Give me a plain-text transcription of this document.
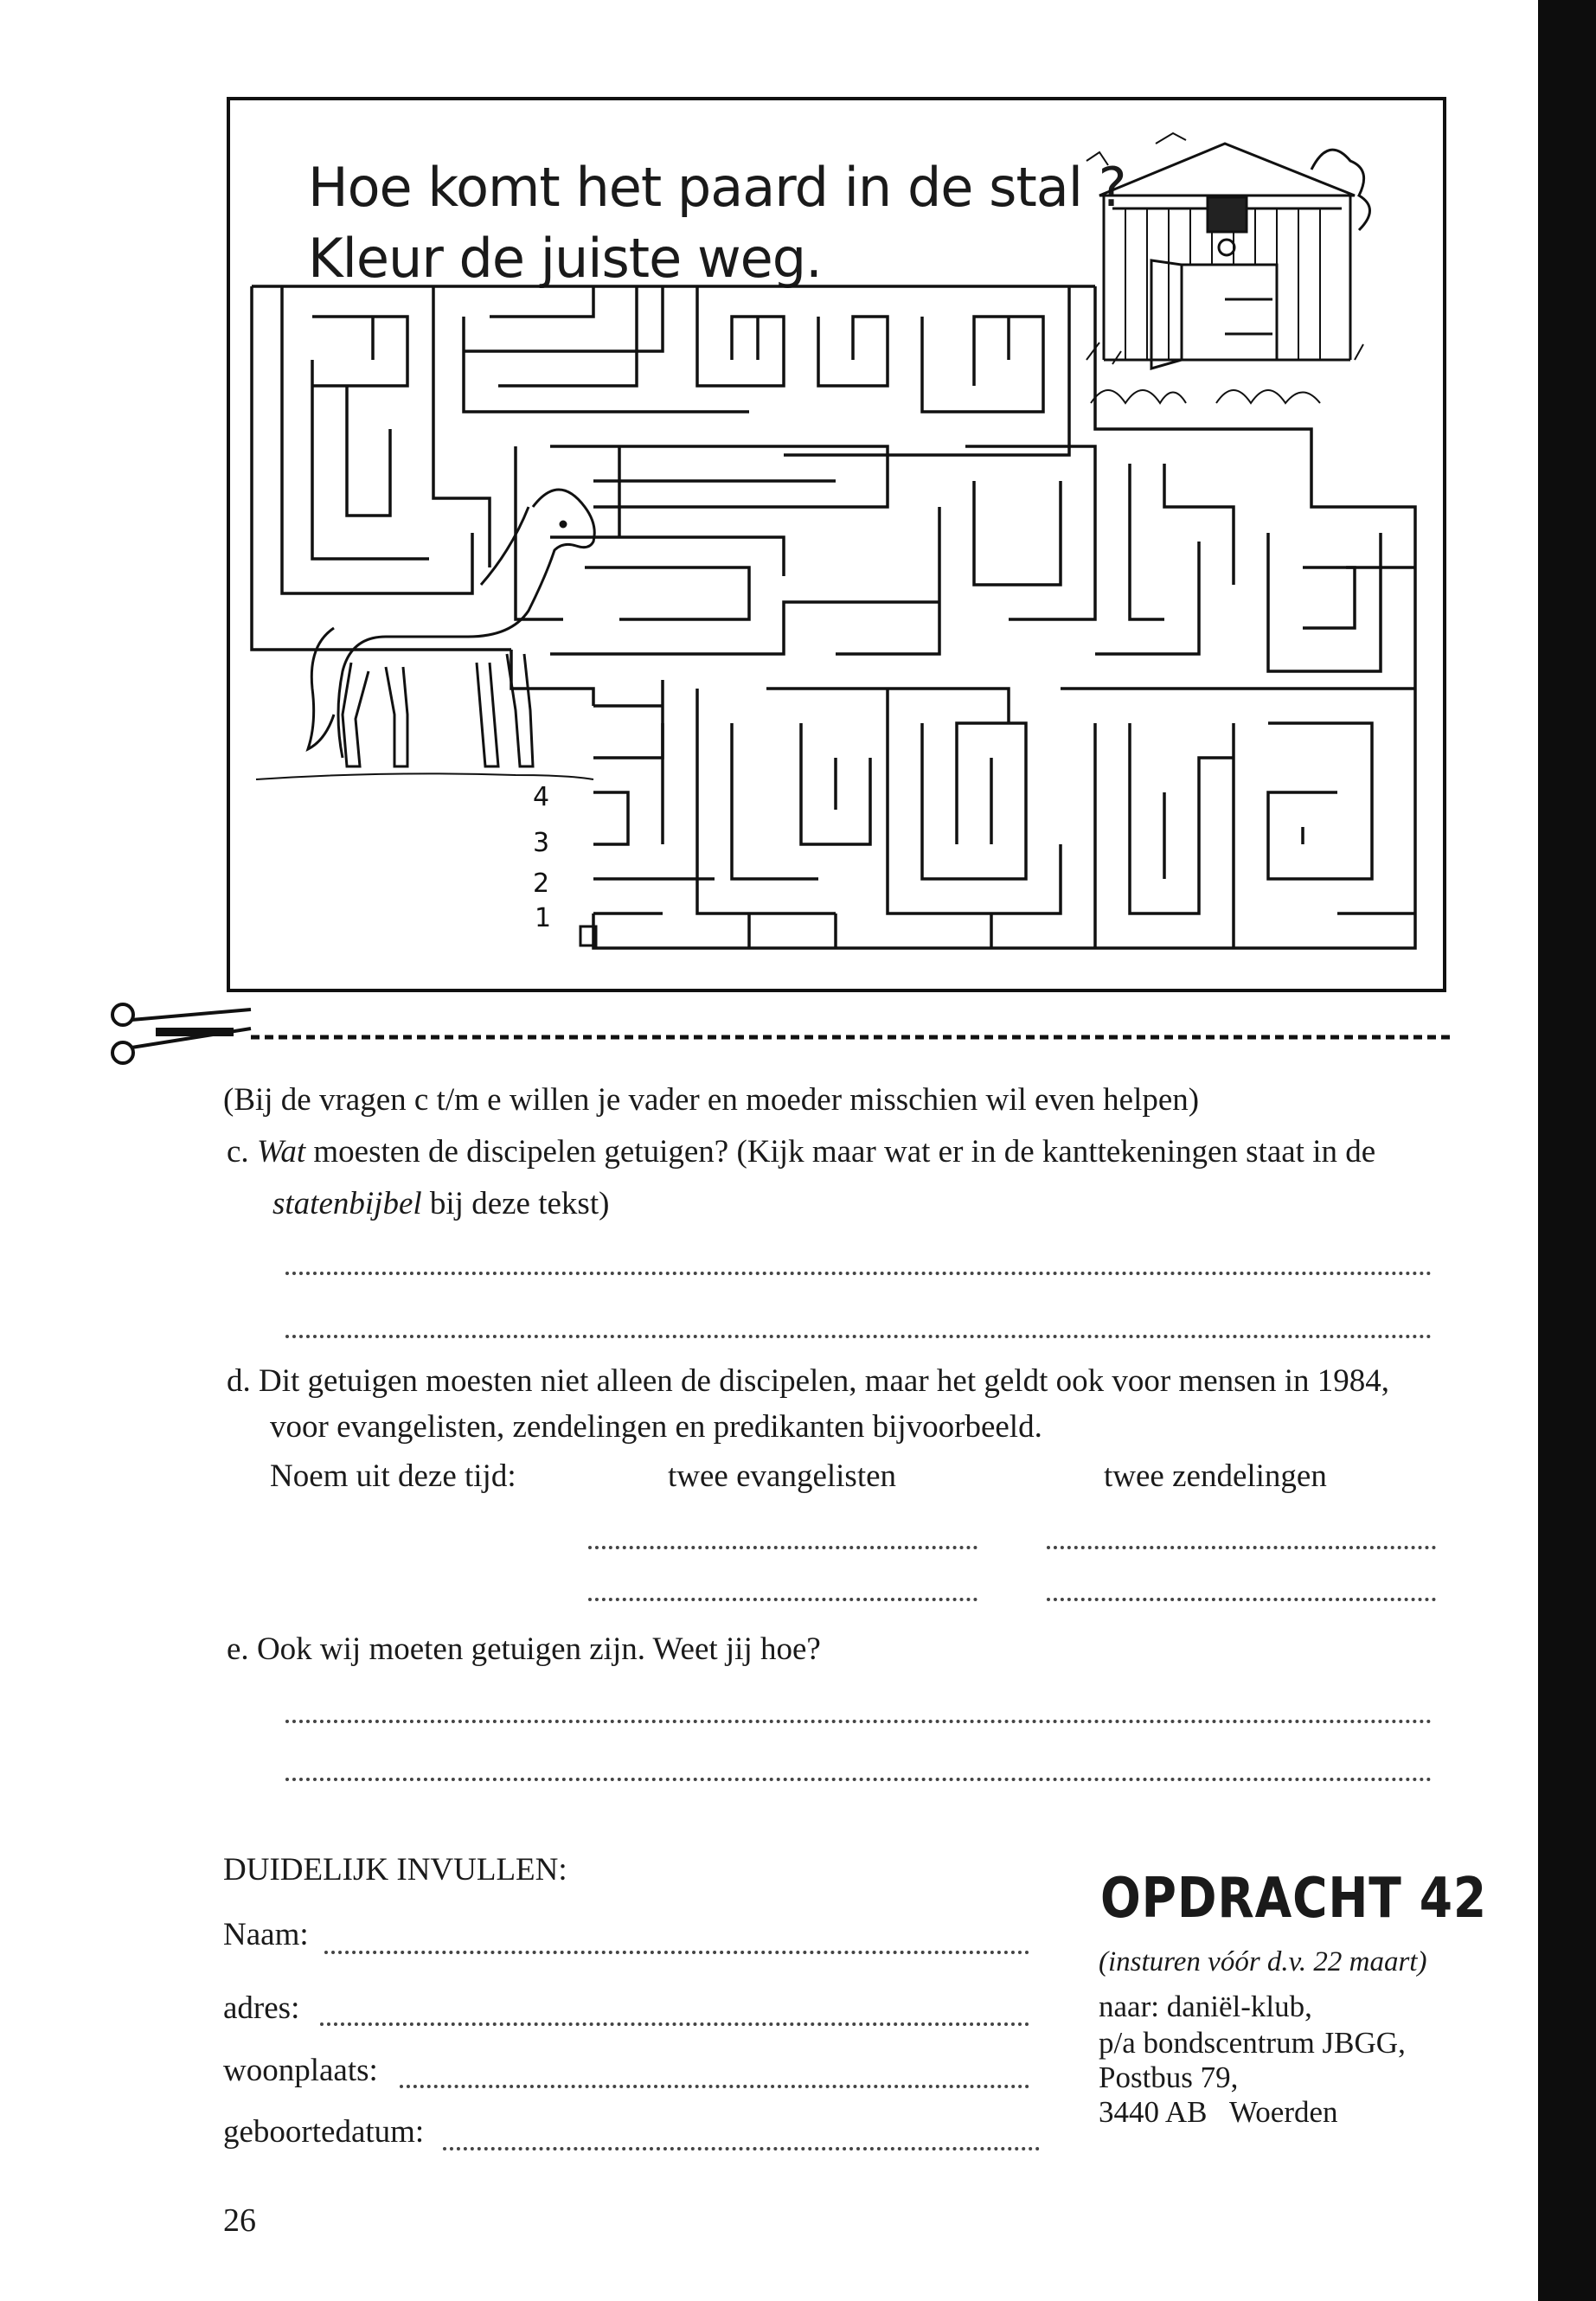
Hoe komt het paard in de stal ?
Kleur de juiste weg.
4
3
2
1
(Bij de vragen c t/m e willen je vader en moeder misschien wil even helpen)
c. Wat moesten de discipelen getuigen? (Kijk maar wat er in de kanttekeningen staat in de
statenbijbel bij deze tekst)
d. Dit getuigen moesten niet alleen de discipelen, maar het geldt ook voor mensen in 1984,
voor evangelisten, zendelingen en predikanten bijvoorbeeld.
Noem uit deze tijd:	twee evangelisten	twee zendelingen
e. Ook wij moeten getuigen zijn. Weet jij hoe?
DUIDELIJK INVULLEN:
Naam:
adres:
woonplaats:
geboortedatum:
OPDRACHT 42
(insturen vóór d.v. 22 maart)
naar: daniël-klub,
p/a bondscentrum JBGG,
Postbus 79,
3440 AB   Woerden
26
